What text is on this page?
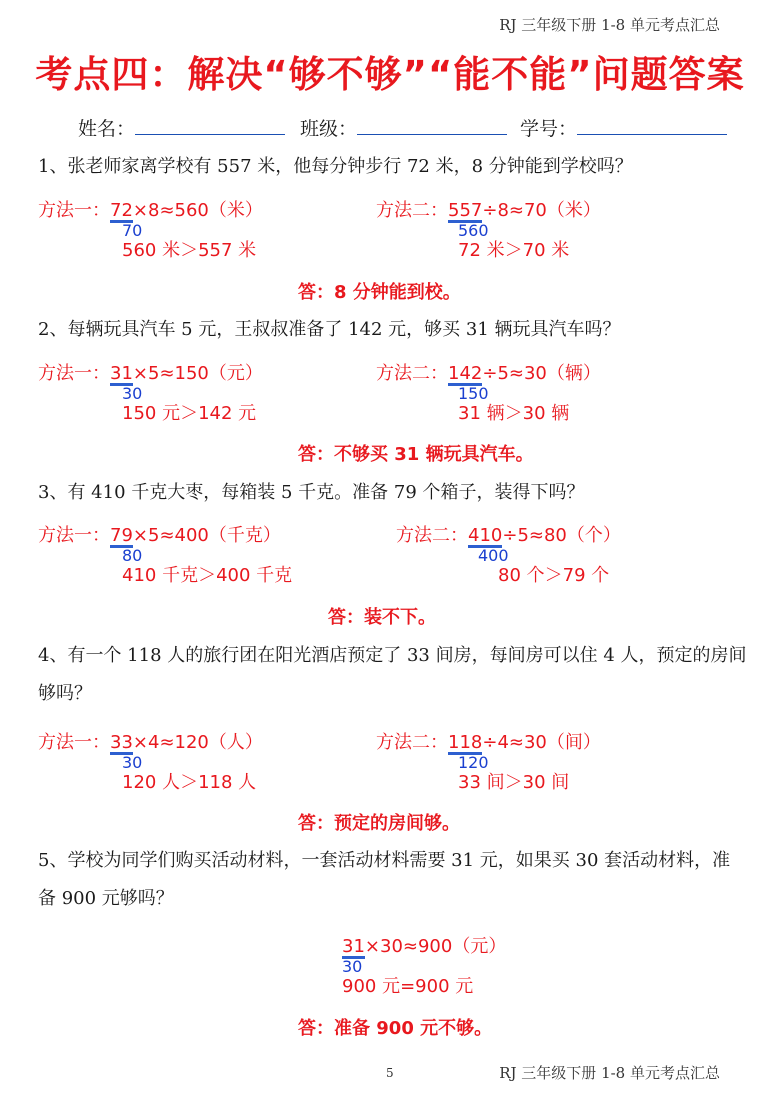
RJ 三年级下册 1-8 单元考点汇总
考点四：解决“够不够”“能不能”问题答案
姓名：	班级：	学号：
1、张老师家离学校有 557 米，他每分钟步行 72 米，8 分钟能到学校吗？
方法一：72×8≈560（米）
70
560 米＞557 米
方法二：557÷8≈70（米）
560
72 米＞70 米
答：8 分钟能到校。
2、每辆玩具汽车 5 元，王叔叔准备了 142 元，够买 31 辆玩具汽车吗？
方法一：31×5≈150（元）
30
150 元＞142 元
方法二：142÷5≈30（辆）
150
31 辆＞30 辆
答：不够买 31 辆玩具汽车。
3、有 410 千克大枣，每箱装 5 千克。准备 79 个箱子，装得下吗？
方法一：79×5≈400（千克）
80
410 千克＞400 千克
方法二：410÷5≈80（个）
400
80 个＞79 个
答：装不下。
4、有一个 118 人的旅行团在阳光酒店预定了 33 间房，每间房可以住 4 人，预定的房间够吗？
方法一：33×4≈120（人）
30
120 人＞118 人
方法二：118÷4≈30（间）
120
33 间＞30 间
答：预定的房间够。
5、学校为同学们购买活动材料，一套活动材料需要 31 元，如果买 30 套活动材料，准备 900 元够吗？
31×30≈900（元）
30
900 元=900 元
答：准备 900 元不够。
5	RJ 三年级下册 1-8 单元考点汇总
